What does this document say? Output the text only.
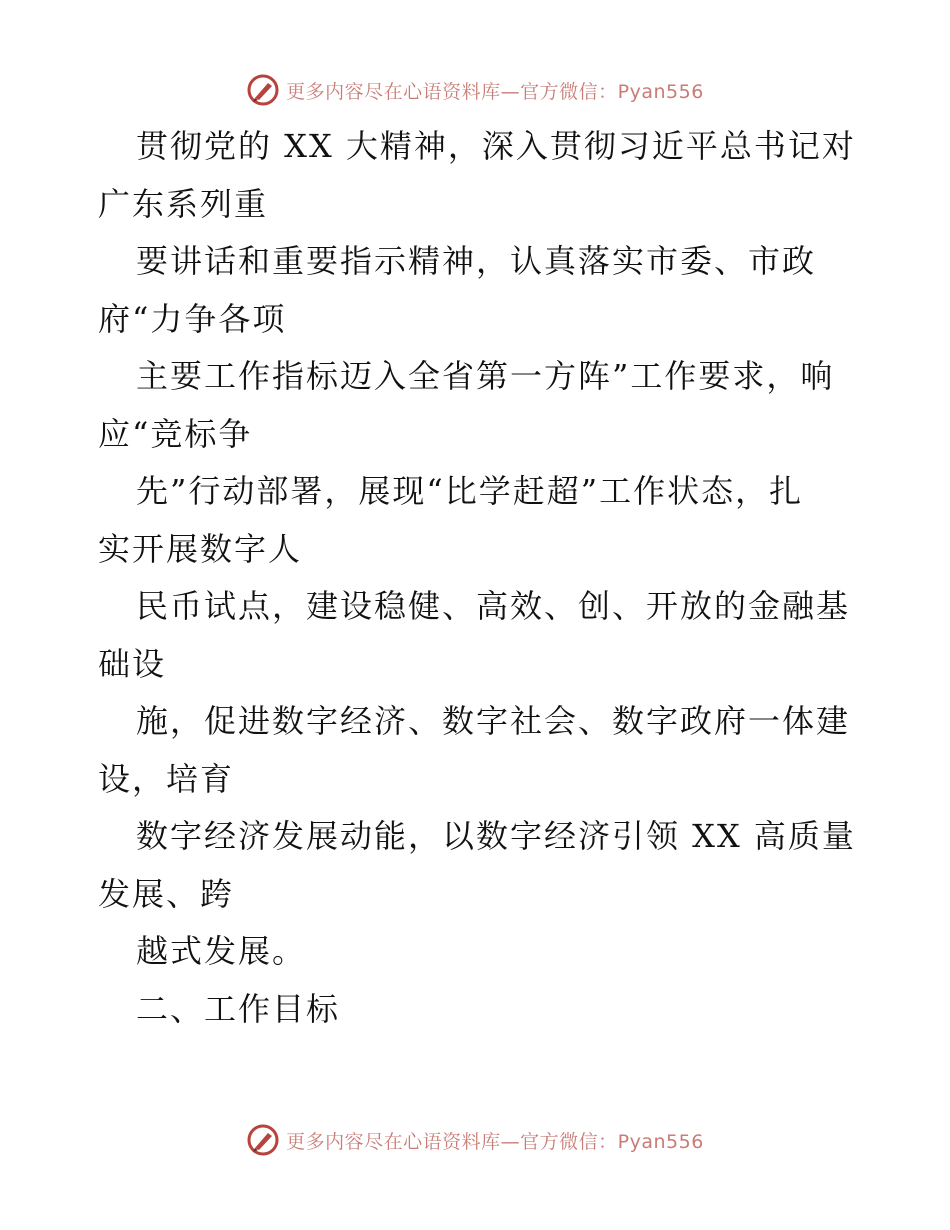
更多内容尽在心语资料库—官方微信：Pyan556
贯彻党的 XX 大精神，深入贯彻习近平总书记对
广东系列重
要讲话和重要指示精神，认真落实市委、市政
府“力争各项
主要工作指标迈入全省第一方阵”工作要求，响
应“竞标争
先”行动部署，展现“比学赶超”工作状态，扎
实开展数字人
民币试点，建设稳健、高效、创、开放的金融基
础设
施，促进数字经济、数字社会、数字政府一体建
设，培育
数字经济发展动能，以数字经济引领 XX 高质量
发展、跨
越式发展。
二、工作目标
更多内容尽在心语资料库—官方微信：Pyan556
